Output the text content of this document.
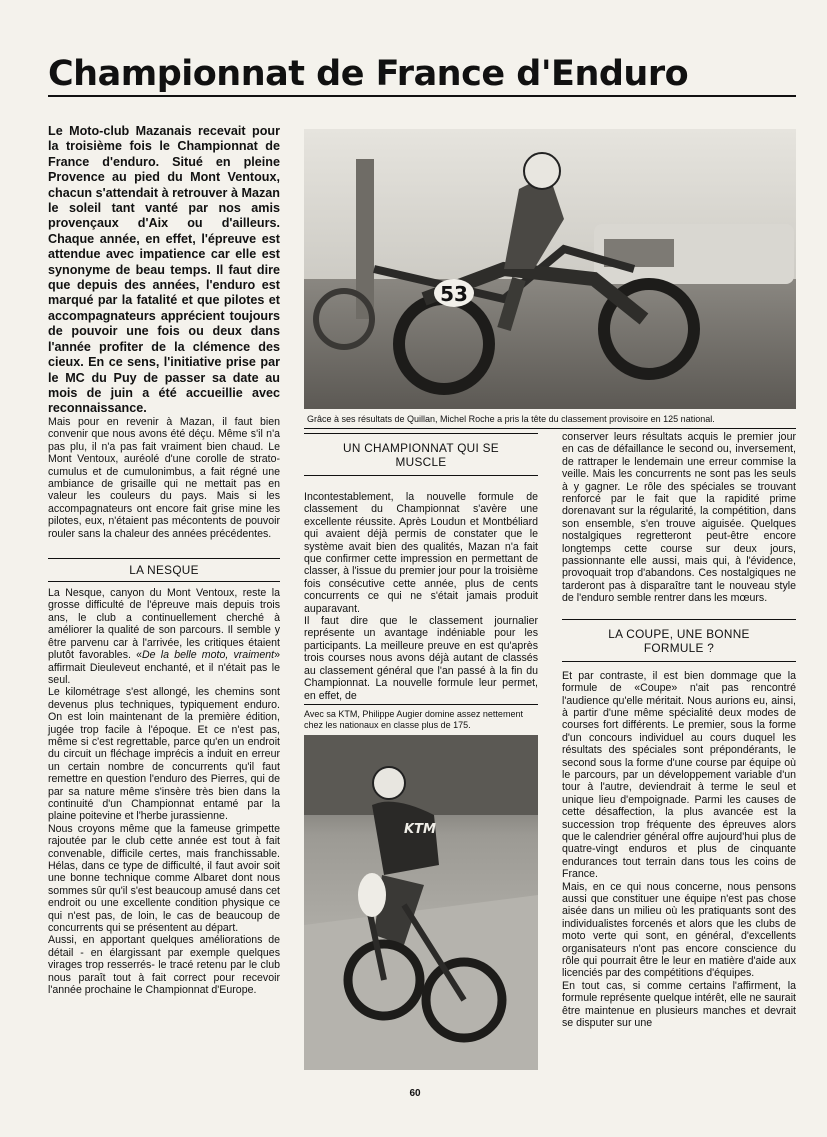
Championnat de France d'Enduro
Le Moto-club Mazanais recevait pour la troisième fois le Championnat de France d'enduro. Situé en pleine Provence au pied du Mont Ventoux, chacun s'attendait à retrouver à Mazan le soleil tant vanté par nos amis provençaux d'Aix ou d'ailleurs. Chaque année, en effet, l'épreuve est attendue avec impatience car elle est synonyme de beau temps. Il faut dire que depuis des années, l'enduro est marqué par la fatalité et que pilotes et accompagnateurs apprécient toujours de pouvoir une fois ou deux dans l'année profiter de la clémence des cieux. En ce sens, l'initiative prise par le MC du Puy de passer sa date au mois de juin a été accueillie avec reconnaissance.

Mais pour en revenir à Mazan, il faut bien convenir que nous avons été déçu. Même s'il n'a pas plu, il n'a pas fait vraiment bien chaud. Le Mont Ventoux, auréolé d'une corolle de strato-cumulus et de cumulonimbus, a fait régné une ambiance de grisaille qui ne mettait pas en valeur les couleurs du pays. Mais si les accompagnateurs ont encore fait grise mine les pilotes, eux, n'étaient pas mécontents de pouvoir rouler sans la chaleur des années précédentes.

LA NESQUE

La Nesque, canyon du Mont Ventoux, reste la grosse difficulté de l'épreuve mais depuis trois ans, le club a continuellement cherché à améliorer la qualité de son parcours. Il semble y être parvenu car à l'arrivée, les critiques étaient plutôt favorables. «De la belle moto, vraiment» affirmait Dieuleveut enchanté, et il n'était pas le seul.

Le kilométrage s'est allongé, les chemins sont devenus plus techniques, typiquement enduro. On est loin maintenant de la première édition, jugée trop facile à l'époque. Et ce n'est pas, même si c'est regrettable, parce qu'en un endroit du circuit un fléchage imprécis a induit en erreur un certain nombre de concurrents qu'il faut remettre en question l'enduro des Pierres, qui de par sa nature même s'insère très bien dans la continuité d'un Championnat entamé par la plaine poitevine et l'herbe jurassienne.

Nous croyons même que la fameuse grimpette rajoutée par le club cette année est tout à fait convenable, difficile certes, mais franchissable. Hélas, dans ce type de difficulté, il faut avoir soit une bonne technique comme Albaret dont nous sommes sûr qu'il s'est beaucoup amusé dans cet endroit ou une excellente condition physique ce qui n'est pas, de loin, le cas de beaucoup de concurrents qui se présentent au départ.

Aussi, en apportant quelques améliorations de détail - en élargissant par exemple quelques virages trop resserrés- le tracé retenu par le club nous paraît tout à fait correct pour recevoir l'année prochaine le Championnat d'Europe.

53
Grâce à ses résultats de Quillan, Michel Roche a pris la tête du classement provisoire en 125 national.
UN CHAMPIONNAT QUI SE MUSCLE

Incontestablement, la nouvelle formule de classement du Championnat s'avère une excellente réussite. Après Loudun et Montbéliard qui avaient déjà permis de constater que le système avait bien des qualités, Mazan n'a fait que confirmer cette impression en permettant de classer, à l'issue du premier jour pour la troisième fois consécutive cette année, plus de cents concurrents ce qui ne s'était jamais produit auparavant.

Il faut dire que le classement journalier représente un avantage indéniable pour les participants. La meilleure preuve en est qu'après trois courses nous avons déjà autant de classés au classement général que l'an passé à la fin du Championnat. La nouvelle formule leur permet, en effet, de

Avec sa KTM, Philippe Augier domine assez nettement chez les nationaux en classe plus de 175.
KTM

conserver leurs résultats acquis le premier jour en cas de défaillance le second ou, inversement, de rattraper le lendemain une erreur commise la veille. Mais les concurrents ne sont pas les seuls à y gagner. Le rôle des spéciales se trouvant renforcé par le fait que la rapidité prime dorenavant sur la régularité, la compétition, dans son ensemble, s'en trouve aiguisée. Quelques nostalgiques regretteront peut-être encore longtemps cette course sur deux jours, passionnante elle aussi, mais qui, à l'évidence, provoquait trop d'abandons. Ces nostalgiques ne tarderont pas à disparaître tant le nouveau style de l'enduro semble rentrer dans les mœurs.

LA COUPE, UNE BONNE FORMULE ?

Et par contraste, il est bien dommage que la formule de «Coupe» n'ait pas rencontré l'audience qu'elle méritait. Nous aurions eu, ainsi, à partir d'une même spécialité deux modes de courses fort différents. Le premier, sous la forme d'un concours individuel au cours duquel les résultats des spéciales sont prépondérants, le second sous la forme d'une course par équipe où le parcours, par un développement variable d'un tour à l'autre, deviendrait à terme le seul et unique lieu d'empoignade. Parmi les causes de cette désaffection, la plus avancée est la succession trop fréquente des épreuves alors que le calendrier général offre aujourd'hui plus de quatre-vingt enduros et plus de cinquante endurances tout terrain dans tous les coins de France.

Mais, en ce qui nous concerne, nous pensons aussi que constituer une équipe n'est pas chose aisée dans un milieu où les pratiquants sont des individualistes forcenés et alors que les clubs de moto verte qui sont, en général, d'excellents organisateurs n'ont pas encore conscience du rôle qui pourrait être le leur en matière d'aide aux licenciés par des compétitions d'équipes.

En tout cas, si comme certains l'affirment, la formule représente quelque intérêt, elle ne saurait être maintenue en plusieurs manches et devrait se disputer sur une

60
